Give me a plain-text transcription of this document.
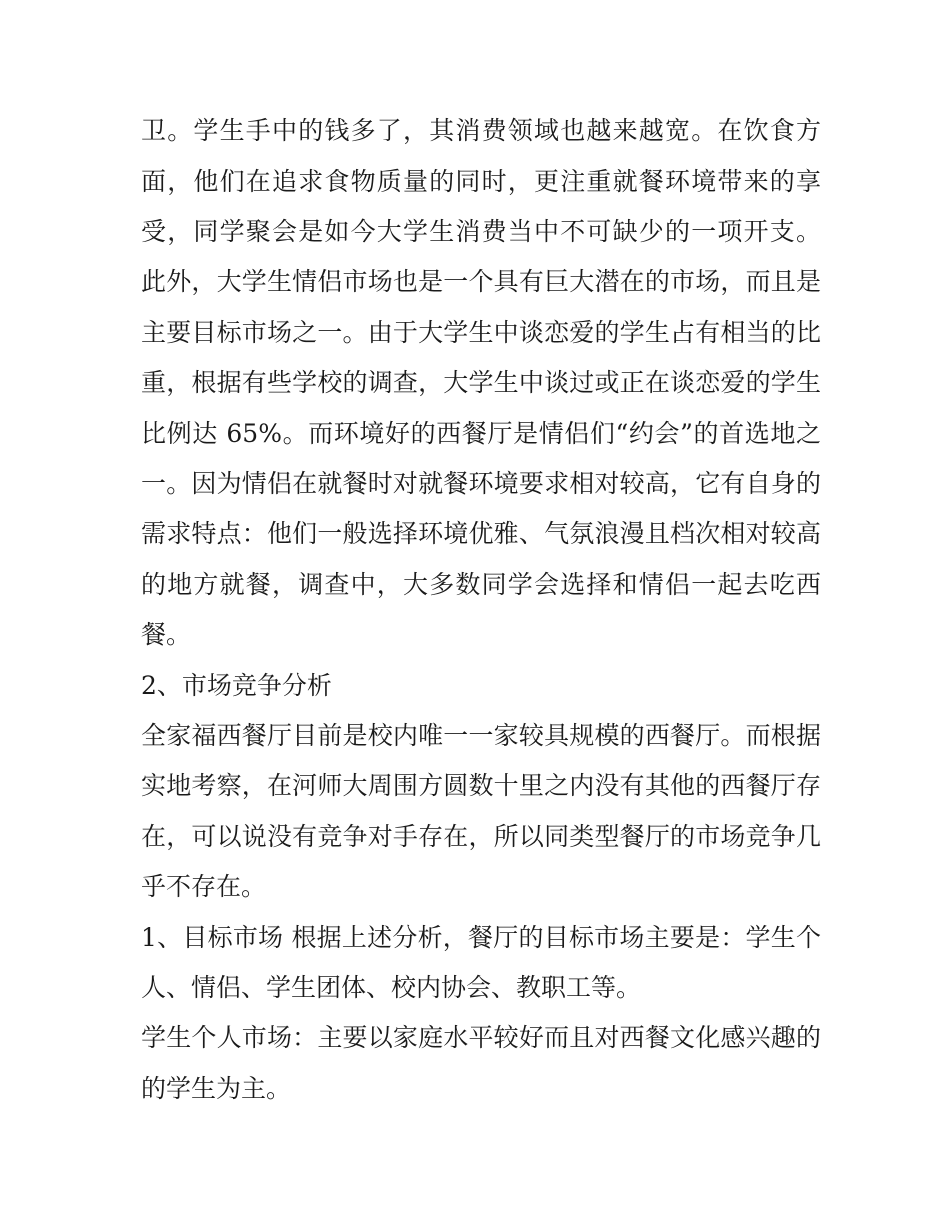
卫。学生手中的钱多了，其消费领域也越来越宽。在饮食方
面，他们在追求食物质量的同时，更注重就餐环境带来的享
受，同学聚会是如今大学生消费当中不可缺少的一项开支。
此外，大学生情侣市场也是一个具有巨大潜在的市场，而且是
主要目标市场之一。由于大学生中谈恋爱的学生占有相当的比
重，根据有些学校的调查，大学生中谈过或正在谈恋爱的学生
比例达 65%。而环境好的西餐厅是情侣们“约会”的首选地之
一。因为情侣在就餐时对就餐环境要求相对较高，它有自身的
需求特点：他们一般选择环境优雅、气氛浪漫且档次相对较高
的地方就餐，调查中，大多数同学会选择和情侣一起去吃西
餐。
2、市场竞争分析
全家福西餐厅目前是校内唯一一家较具规模的西餐厅。而根据
实地考察，在河师大周围方圆数十里之内没有其他的西餐厅存
在，可以说没有竞争对手存在，所以同类型餐厅的市场竞争几
乎不存在。
1、目标市场 根据上述分析，餐厅的目标市场主要是：学生个
人、情侣、学生团体、校内协会、教职工等。
学生个人市场：主要以家庭水平较好而且对西餐文化感兴趣的
的学生为主。
